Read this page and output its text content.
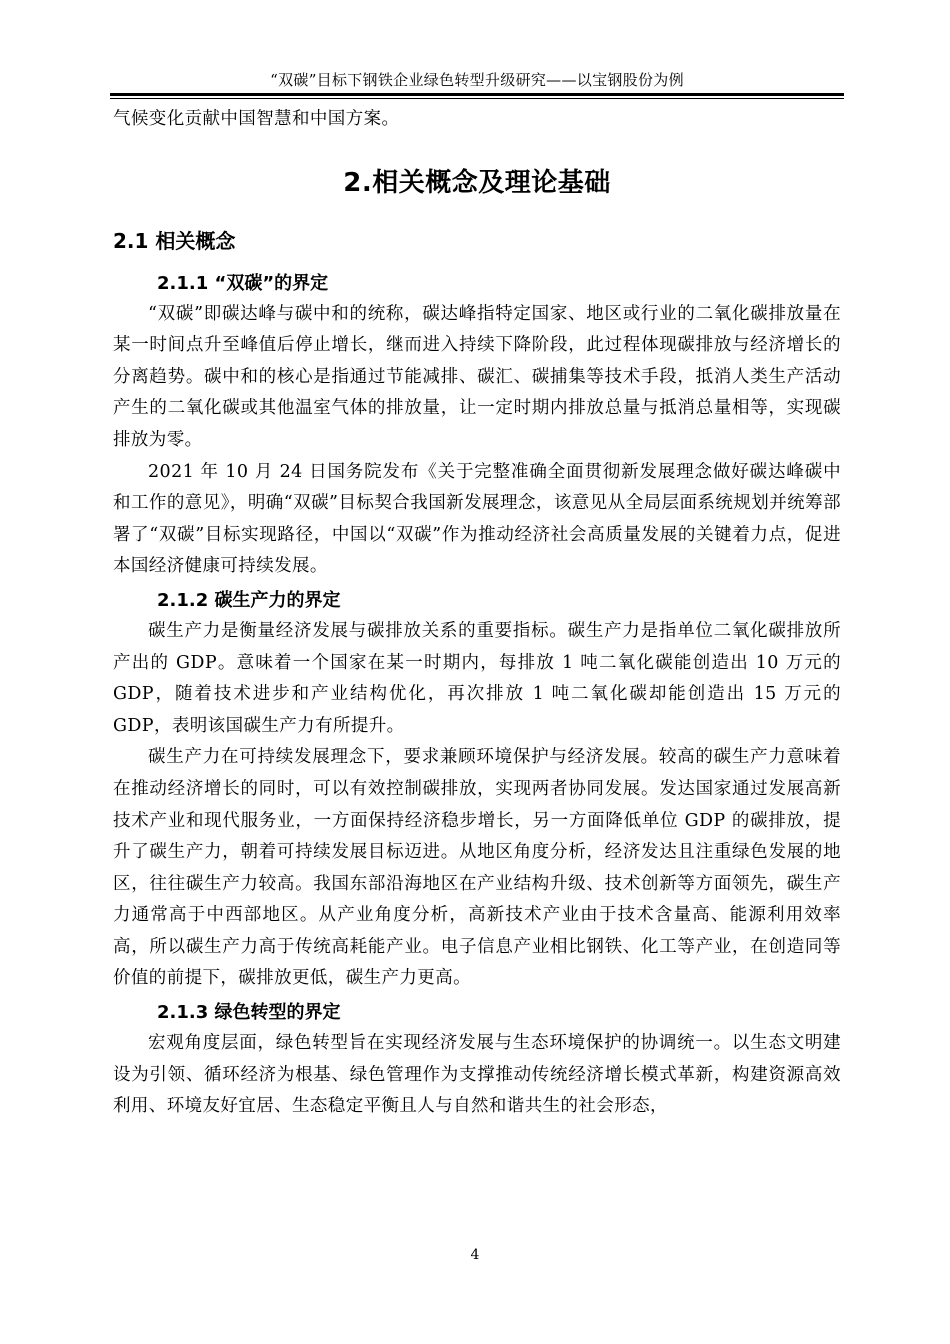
“双碳”目标下钢铁企业绿色转型升级研究——以宝钢股份为例

气候变化贡献中国智慧和中国方案。

2.相关概念及理论基础
2.1 相关概念
2.1.1 “双碳”的界定

“双碳”即碳达峰与碳中和的统称，碳达峰指特定国家、地区或行业的二氧化碳排放量在某一时间点升至峰值后停止增长，继而进入持续下降阶段，此过程体现碳排放与经济增长的分离趋势。碳中和的核心是指通过节能减排、碳汇、碳捕集等技术手段，抵消人类生产活动产生的二氧化碳或其他温室气体的排放量，让一定时期内排放总量与抵消总量相等，实现碳排放为零。

2021 年 10 月 24 日国务院发布《关于完整准确全面贯彻新发展理念做好碳达峰碳中和工作的意见》，明确“双碳”目标契合我国新发展理念，该意见从全局层面系统规划并统筹部署了“双碳”目标实现路径，中国以“双碳”作为推动经济社会高质量发展的关键着力点，促进本国经济健康可持续发展。

2.1.2 碳生产力的界定

碳生产力是衡量经济发展与碳排放关系的重要指标。碳生产力是指单位二氧化碳排放所产出的 GDP。意味着一个国家在某一时期内，每排放 1 吨二氧化碳能创造出 10 万元的 GDP，随着技术进步和产业结构优化，再次排放 1 吨二氧化碳却能创造出 15 万元的 GDP，表明该国碳生产力有所提升。

碳生产力在可持续发展理念下，要求兼顾环境保护与经济发展。较高的碳生产力意味着在推动经济增长的同时，可以有效控制碳排放，实现两者协同发展。发达国家通过发展高新技术产业和现代服务业，一方面保持经济稳步增长，另一方面降低单位 GDP 的碳排放，提升了碳生产力，朝着可持续发展目标迈进。从地区角度分析，经济发达且注重绿色发展的地区，往往碳生产力较高。我国东部沿海地区在产业结构升级、技术创新等方面领先，碳生产力通常高于中西部地区。从产业角度分析，高新技术产业由于技术含量高、能源利用效率高，所以碳生产力高于传统高耗能产业。电子信息产业相比钢铁、化工等产业，在创造同等价值的前提下，碳排放更低，碳生产力更高。

2.1.3 绿色转型的界定

宏观角度层面，绿色转型旨在实现经济发展与生态环境保护的协调统一。以生态文明建设为引领、循环经济为根基、绿色管理作为支撑推动传统经济增长模式革新，构建资源高效利用、环境友好宜居、生态稳定平衡且人与自然和谐共生的社会形态，

4
